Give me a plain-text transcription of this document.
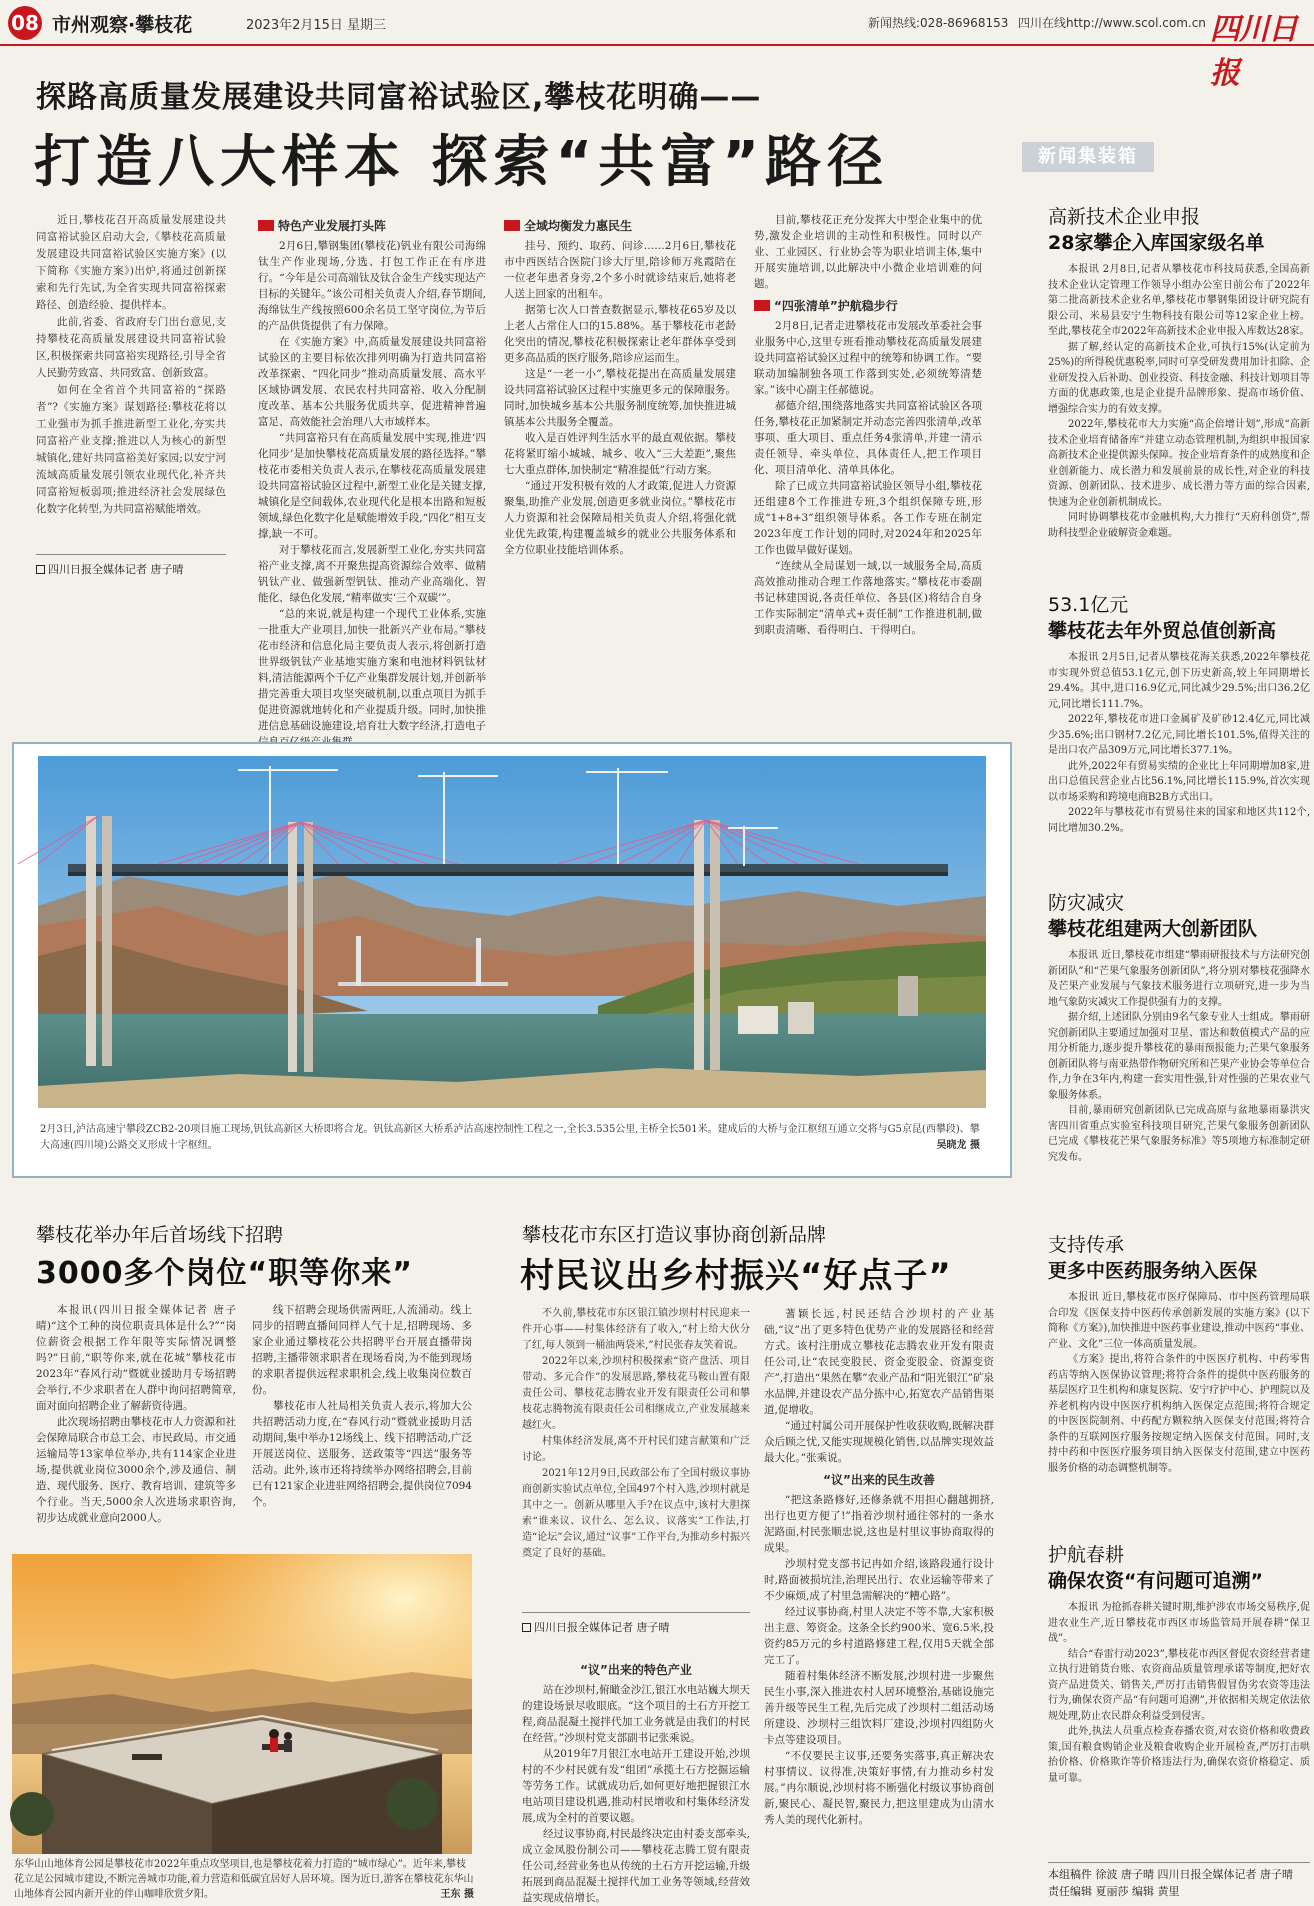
08 市州观察·攀枝花	2023年2月15日 星期三	新闻热线:028-86968153 四川在线http://www.scol.com.cn 四川日报
探路高质量发展建设共同富裕试验区,攀枝花明确——
打造八大样本 探索“共富”路径

近日,攀枝花召开高质量发展建设共同富裕试验区启动大会,《攀枝花高质量发展建设共同富裕试验区实施方案》(以下简称《实施方案》)出炉,将通过创新探索和先行先试,为全省实现共同富裕探索路径、创造经验、提供样本。

此前,省委、省政府专门出台意见,支持攀枝花高质量发展建设共同富裕试验区,积极探索共同富裕实现路径,引导全省人民勤劳致富、共同致富、创新致富。

如何在全省首个共同富裕的“探路者”?《实施方案》谋划路径:攀枝花将以工业强市为抓手推进新型工业化,夯实共同富裕产业支撑;推进以人为核心的新型城镇化,建好共同富裕美好家园;以安宁河流域高质量发展引领农业现代化,补齐共同富裕短板弱项;推进经济社会发展绿色化数字化转型,为共同富裕赋能增效。

四川日报全媒体记者 唐子晴
特色产业发展打头阵

2月6日,攀钢集团(攀枝花)钒业有限公司海绵钛生产作业现场,分选、打包工作正在有序进行。“今年是公司高端钛及钛合金生产线实现达产目标的关键年。”该公司相关负责人介绍,春节期间,海绵钛生产线按照600余名员工坚守岗位,为节后的产品供货提供了有力保障。

在《实施方案》中,高质量发展建设共同富裕试验区的主要目标依次排列明确为打造共同富裕改革探索、“四化同步”推动高质量发展、高水平区域协调发展、农民农村共同富裕、收入分配制度改革、基本公共服务优质共享、促进精神普遍富足、高效能社会治理八大市域样本。

“共同富裕只有在高质量发展中实现,推进‘四化同步’是加快攀枝花高质量发展的路径选择。”攀枝花市委相关负责人表示,在攀枝花高质量发展建设共同富裕试验区过程中,新型工业化是关键支撑,城镇化是空间载体,农业现代化是根本出路和短板领域,绿色化数字化是赋能增效手段,“四化”相互支撑,缺一不可。

对于攀枝花而言,发展新型工业化,夯实共同富裕产业支撑,离不开聚焦提高资源综合效率、做精钒钛产业、做强新型钒钛、推动产业高端化、智能化、绿色化发展,“精率做实‘三个双碳’”。

“总的来说,就是构建一个现代工业体系,实施一批重大产业项目,加快一批新兴产业布局。”攀枝花市经济和信息化局主要负责人表示,将创新打造世界级钒钛产业基地实施方案和电池材料钒钛材料,清洁能源两个千亿产业集群发展计划,并创新举措完善重大项目攻坚突破机制,以重点项目为抓手促进资源就地转化和产业提质升级。同时,加快推进信息基础设施建设,培育壮大数字经济,打造电子

全域均衡发力惠民生

挂号、预约、取药、问诊……2月6日,攀枝花市中西医结合医院门诊大厅里,陪诊师万兆霞陪在一位老年患者身旁,2个多小时就诊结束后,她将老人送上回家的出租车。

据第七次人口普查数据显示,攀枝花65岁及以上老人占常住人口的15.88%。基于攀枝花市老龄化突出的情况,攀枝花积极探索让老年群体享受到更多高品质的医疗服务,陪诊应运而生。

这是“一老一小”,攀枝花提出在高质量发展建设共同富裕试验区过程中实施更多元的保障服务。同时,加快城乡基本公共服务制度统筹,加快推进城镇基本公共服务全覆盖。

收入是百姓评判生活水平的最直观依据。攀枝花将紧盯缩小城城、城乡、收入“三大差距”,聚焦七大重点群体,加快制定“精准提低”行动方案。

“通过开发积极有效的人才政策,促进人力资源聚集,助推产业发展,创造更多就业岗位。”攀枝花市人力资源和社会保障局相关负责人介绍,将强化就业优先政策,构建覆盖城乡的就业公共服务体系和全方位职业技能培训体系。

目前,攀枝花正充分发挥大中型企业集中的优势,激发企业培训的主动性和积极性。同时以产业、工业园区、行业协会等为职业培训主体,集中开展实施培训,以此解决中小微企业培训难的问题。

“四张清单”护航稳步行

2月8日,记者走进攀枝花市发展改革委社会事业服务中心,这里专班看推动攀枝花高质量发展建设共同富裕试验区过程中的统筹和协调工作。“要联动加编制独各项工作落到实处,必须统筹清楚家。”该中心副主任郝德说。

郝德介绍,围绕落地落实共同富裕试验区各项任务,攀枝花正加紧制定并动态完善四张清单,改革事项、重大项目、重点任务4张清单,并建一清示责任领导、牵头单位、具体责任人,把工作项目化、项目清单化、清单具体化。

除了已成立共同富裕试验区领导小组,攀枝花还组建8个工作推进专班,3个组织保障专班,形成“1+8+3”组织领导体系。各工作专班在制定2023年度工作计划的同时,对2024年和2025年工作也做早做好谋划。

“连续从全局谋划一域,以一域服务全局,高质高效推动推动合理工作落地落实。”攀枝花市委副书记林建国说,各责任单位、各县(区)将结合自身工作实际制定“清单式+责任制”工作推进机制,做到职责清晰、看得明白、干得明白。

新闻集装箱
高新技术企业申报
28家攀企入库国家级名单

本报讯 2月8日,记者从攀枝花市科技局获悉,全国高新技术企业认定管理工作领导小组办公室日前公布了2022年第二批高新技术企业名单,攀枝花市攀钢集团设计研究院有限公司、米易县安宁生物科技有限公司等12家企业上榜。至此,攀枝花全市2022年高新技术企业申报入库数达28家。

据了解,经认定的高新技术企业,可执行15%(认定前为25%)的所得税优惠税率,同时可享受研发费用加计扣除、企业研发投入后补助、创业投资、科技金融、科技计划项目等方面的优惠政策,也是企业提升品牌形象、提高市场价值、增强综合实力的有效支撑。

2022年,攀枝花市大力实施“高企倍增计划”,形成“高新技术企业培育储备库”并建立动态管理机制,为组织申报国家高新技术企业提供源头保障。按企业培育条件的成熟度和企业创新能力、成长潜力和发展前景的成长性,对企业的科技资源、创新团队、技术进步、成长潜力等方面的综合因素,快速为企业创新机制成长。

同时协调攀枝花市金融机构,大力推行“天府科创贷”,帮助科技型企业破解资金难题。

53.1亿元
攀枝花去年外贸总值创新高

本报讯 2月5日,记者从攀枝花海关获悉,2022年攀枝花市实现外贸总值53.1亿元,创下历史新高,较上年同期增长29.4%。其中,进口16.9亿元,同比减少29.5%;出口36.2亿元,同比增长111.7%。

2022年,攀枝花市进口金属矿及矿砂12.4亿元,同比减少35.6%;出口钢材7.2亿元,同比增长101.5%,值得关注的是出口农产品309万元,同比增长377.1%。

此外,2022年有贸易实绩的企业比上年同期增加8家,进出口总值民营企业占比56.1%,同比增长115.9%,首次实现以市场采购和跨境电商B2B方式出口。

2022年与攀枝花市有贸易往来的国家和地区共112个,同比增加30.2%。

防灾减灾
攀枝花组建两大创新团队

本报讯 近日,攀枝花市组建“攀雨研报技术与方法研究创新团队”和“芒果气象服务创新团队”,将分别对攀枝花强降水及芒果产业发展与气象技术服务进行立项研究,进一步为当地气象防灾减灾工作提供强有力的支撑。

据介绍,上述团队分别由9名气象专业人士组成。攀雨研究创新团队主要通过加强对卫星、雷达和数值模式产品的应用分析能力,逐步提升攀枝花的暴雨预报能力;芒果气象服务创新团队将与南亚热带作物研究所和芒果产业协会等单位合作,力争在3年内,构建一套实用性强,针对性强的芒果农业气象服务体系。

目前,暴雨研究创新团队已完成高原与盆地暴雨暴洪灾害四川省重点实验室科技项目研究,芒果气象服务创新团队已完成《攀枝花芒果气象服务标准》等5项地方标准制定研究发布。

支持传承
更多中医药服务纳入医保

本报讯 近日,攀枝花市医疗保障局、市中医药管理局联合印发《医保支持中医药传承创新发展的实施方案》(以下简称《方案》),加快推进中医药事业建设,推动中医药“事业、产业、文化”三位一体高质量发展。

《方案》提出,将符合条件的中医医疗机构、中药零售药店等纳入医保协议管理;将符合条件的提供中医药服务的基层医疗卫生机构和康复医院、安宁疗护中心、护理院以及养老机构内设中医医疗机构纳入医保定点范围;将符合规定的中医医院制剂、中药配方颗粒纳入医保支付范围;将符合条件的互联网医疗服务按规定纳入医保支付范围。同时,支持中药和中医医疗服务项目纳入医保支付范围,建立中医药服务价格的动态调整机制等。

护航春耕
确保农资“有问题可追溯”

本报讯 为抢抓春耕关键时期,维护涉农市场交易秩序,促进农业生产,近日攀枝花市西区市场监管局开展春耕“保卫战”。

结合“春雷行动2023”,攀枝花市西区督促农资经营者建立执行进销货台账、农资商品质量管理承诺等制度,把好农资产品进货关、销售关,严厉打击销售假冒伪劣农资等违法行为,确保农资产品“有问题可追溯”,并依据相关规定依法依规处理,防止农民群众利益受到侵害。

此外,执法人员重点检查春播农资,对农资价格和收费政策,国有粮食购销企业及粮食收购企业开展检查,严厉打击哄抬价格、价格欺诈等价格违法行为,确保农资价格稳定、质量可靠。

本组稿件 徐波 唐子晴 四川日报全媒体记者 唐子晴
责任编辑 夏丽莎 编辑 黄里
2月3日,泸沽高速宁攀段ZCB2-20项目施工现场,钒钛高新区大桥即将合龙。钒钛高新区大桥系泸沽高速控制性工程之一,全长3.535公里,主桥全长501米。建成后的大桥与金江枢纽互通立交将与G5京昆(西攀段)、攀大高速(四川境)公路交叉形成十字枢纽。	吴晓龙 摄
攀枝花举办年后首场线下招聘
3000多个岗位“职等你来”

本报讯(四川日报全媒体记者 唐子晴)“这个工种的岗位职责具体是什么?”“岗位薪资会根据工作年限等实际情况调整吗?”日前,“职等你来,就在花城”攀枝花市2023年“春风行动”暨就业援助月专场招聘会举行,不少求职者在人群中询问招聘简章,面对面向招聘企业了解薪资待遇。

此次现场招聘由攀枝花市人力资源和社会保障局联合市总工会、市民政局、市交通运输局等13家单位举办,共有114家企业进场,提供就业岗位3000余个,涉及通信、制造、现代服务、医疗、教育培训、建筑等多个行业。当天,5000余人次进场求职咨询,初步达成就业意向2000人。

线下招聘会现场供需两旺,人流涌动。线上同步的招聘直播间同样人气十足,招聘现场、多家企业通过攀枝花公共招聘平台开展直播带岗招聘,主播带领求职者在现场看岗,为不能到现场的求职者提供远程求职机会,线上收集岗位数百份。

攀枝花市人社局相关负责人表示,将加大公共招聘活动力度,在“春风行动”暨就业援助月活动期间,集中举办12场线上、线下招聘活动,广泛开展送岗位、送服务、送政策等“四送”服务等活动。此外,该市还将持续举办网络招聘会,目前已有121家企业进驻网络招聘会,提供岗位7094个。

攀枝花市东区打造议事协商创新品牌
村民议出乡村振兴“好点子”

不久前,攀枝花市东区银江镇沙坝村村民迎来一件开心事——村集体经济有了收入,“村上给大伙分了红,每人领到一桶油两袋米,”村民张春友笑着说。

2022年以来,沙坝村积极探索“资产盘活、项目带动、多元合作”的发展思路,攀枝花马鞍山置有限责任公司、攀枝花志腾农业开发有限责任公司和攀枝花志腾物流有限责任公司相继成立,产业发展越来越红火。

村集体经济发展,离不开村民们建言献策和广泛讨论。

2021年12月9日,民政部公布了全国村级议事协商创新实验试点单位,全国497个村入选,沙坝村就是其中之一。创新从哪里入手?在议点中,该村大胆探索“谁来议、议什么、怎么议、议落实”工作法,打造“论坛”会议,通过“议事”工作平台,为推动乡村振兴奠定了良好的基础。

四川日报全媒体记者 唐子晴
“议”出来的特色产业

站在沙坝村,俯瞰金沙江,银江水电站巍大坝天的建设场景尽收眼底。“这个项目的土石方开挖工程,商品混凝土搅拌代加工业务就是由我们的村民在经营。”沙坝村党支部副书记张乘说。

从2019年7月银江水电站开工建设开始,沙坝村的不少村民就有发“组团”承揽土石方挖掘运输等劳务工作。试就成功后,如何更好地把握银江水电站项目建设机遇,推动村民增收和村集体经济发展,成为全村的首要议题。

经过议事协商,村民最终决定由村委支部牵头,成立金凤股份制公司——攀枝花志腾工贸有限责任公司,经营业务也从传统的土石方开挖运输,升级拓展到商品混凝土搅拌代加工业务等领域,经营效益实现成倍增长。

蓍颖长远,村民还结合沙坝村的产业基础,“议”出了更多特色优势产业的发展路径和经营方式。该村注册成立攀枝花志腾农业开发有限责任公司,让“农民变股民、资金变股金、资源变资产”,打造出“果然在攀”农业产品和“阳光银江”矿泉水品牌,并建设农产品分拣中心,拓宽农产品销售渠道,促增收。

“通过村属公司开展保护性收获收购,既解决群众后顾之忧,又能实现规模化销售,以品牌实现效益最大化。”张乘说。

“议”出来的民生改善

“把这条路修好,还修条就不用担心翻越拥挤,出行也更方便了!”指着沙坝村通往邻村的一条水泥路面,村民张顺忠说,这也是村里议事协商取得的成果。

沙坝村党支部书记冉如介绍,该路段通行设计时,路面被损坑洼,治理民出行、农业运输等带来了不少麻烦,成了村里急需解决的“糟心路”。

经过议事协商,村里人决定不等不靠,大家积极出主意、筹资金。这条全长约900米、宽6.5米,投资约85万元的乡村道路修建工程,仅用5天就全部完工了。

随着村集体经济不断发展,沙坝村进一步聚焦民生小事,深入推进农村人居环境整治,基础设施完善升级等民生工程,先后完成了沙坝村二组活动场所建设、沙坝村三组饮料厂建设,沙坝村四组防火卡点等建设项目。

“不仅要民主议事,还要务实落事,真正解决农村事情议、议得准,决策好事情,有力推动乡村发展。”冉尔顺说,沙坝村将不断强化村级议事协商创新,聚民心、凝民智,聚民力,把这里建成为山清水秀人美的现代化新村。

东华山山地体育公园是攀枝花市2022年重点攻坚项目,也是攀枝花着力打造的“城市绿心”。近年来,攀枝花立足公园城市建设,不断完善城市功能,着力营造和低碳宜居好人居环境。图为近日,游客在攀枝花东华山山地体育公园内新开业的伴山咖啡欣赏夕阳。	王东 摄
